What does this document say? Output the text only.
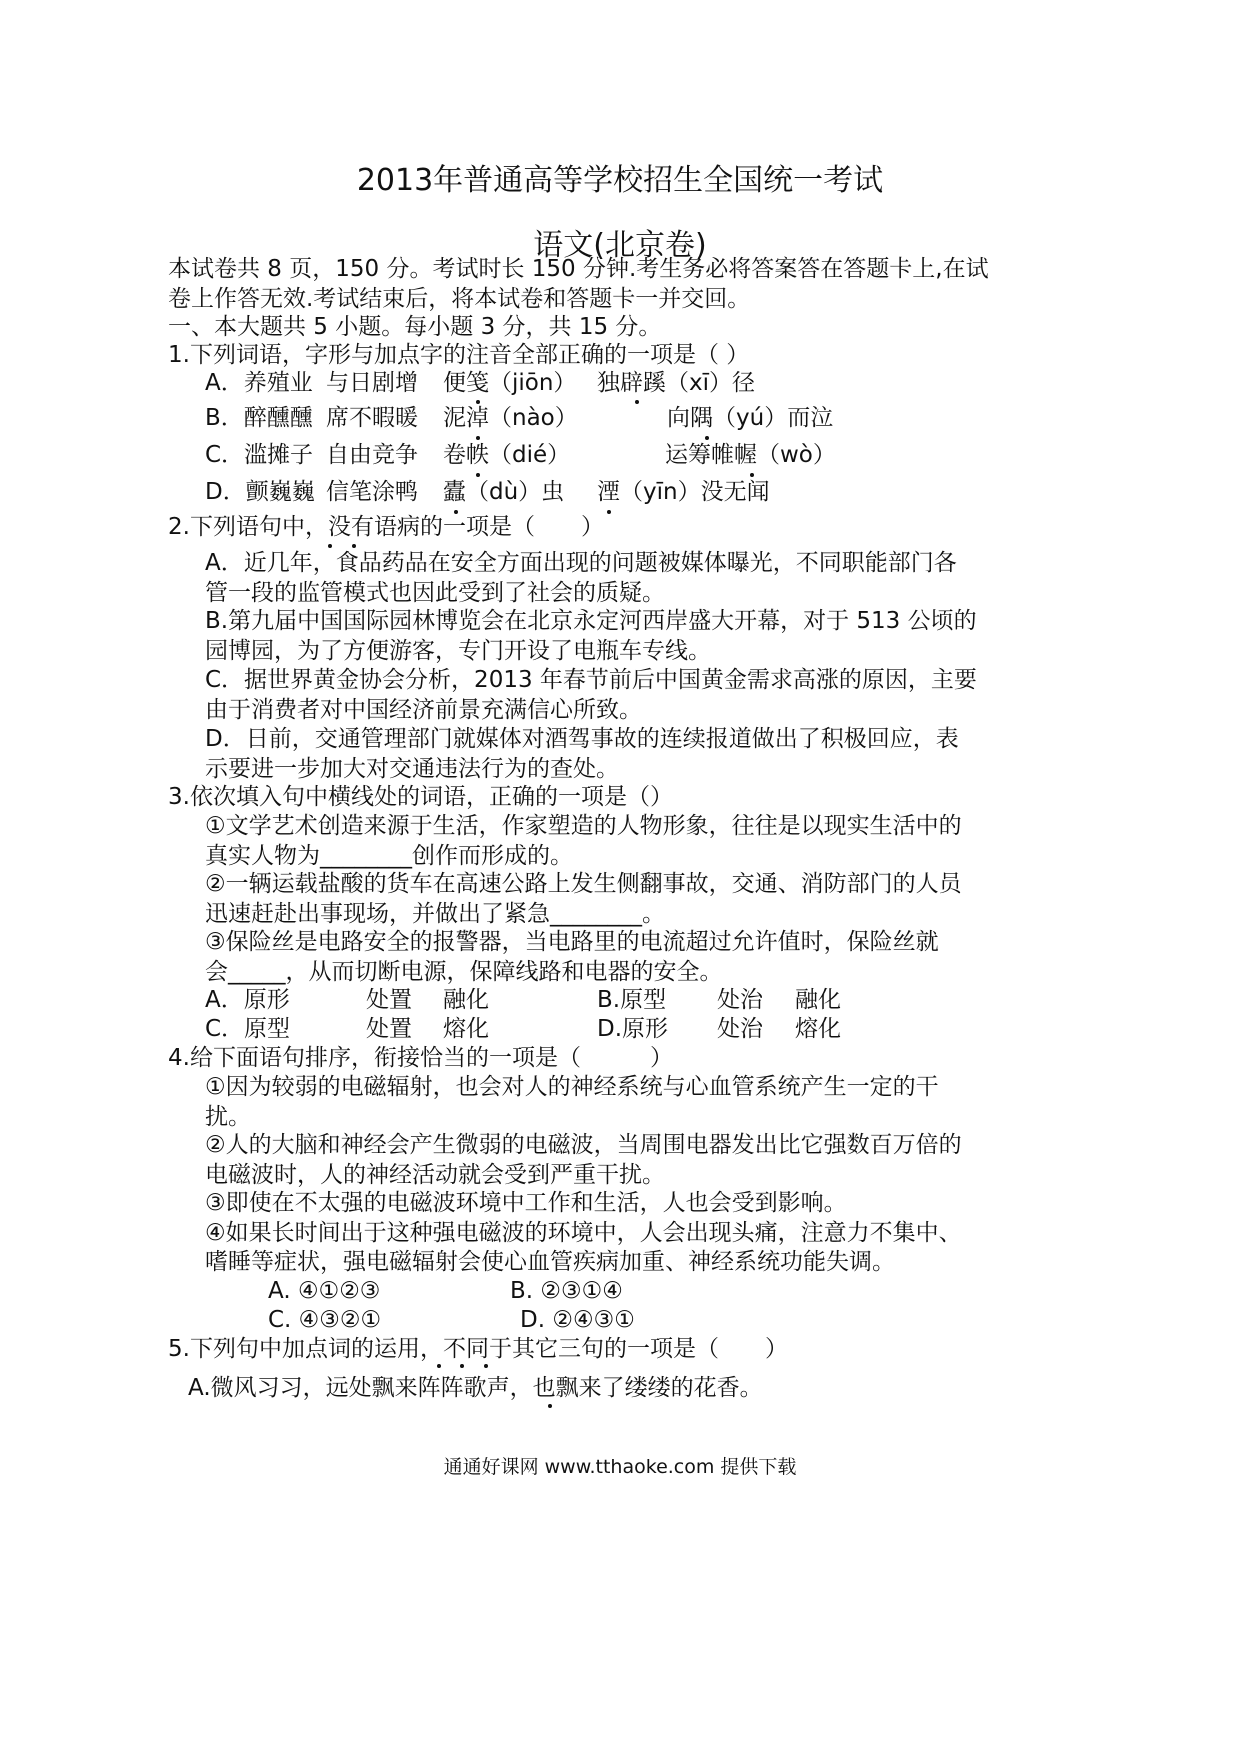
2013年普通高等学校招生全国统一考试
语文(北京卷)
本试卷共 8 页，150 分。考试时长 150 分钟.考生务必将答案答在答题卡上,在试
卷上作答无效.考试结束后，将本试卷和答题卡一并交回。
一、本大题共 5 小题。每小题 3 分，共 15 分。
1.下列词语，字形与加点字的注音全部正确的一项是（ ）
A．养殖业 与日剧增 便笺（jiōn） 独辟蹊（xī）径
B．醉醺醺 席不暇暖 泥淖（nào）	向隅（yú）而泣
C．滥摊子 自由竞争 卷帙（dié）	运筹帷幄（wò）
D．颤巍巍 信笔涂鸭 蠹（dù）虫 湮（yīn）没无闻
2.下列语句中，没有语病的一项是（　　）
A．近几年，食品药品在安全方面出现的问题被媒体曝光，不同职能部门各
管一段的监管模式也因此受到了社会的质疑。
B.第九届中国国际园林博览会在北京永定河西岸盛大开幕，对于 513 公顷的
园博园，为了方便游客，专门开设了电瓶车专线。
C．据世界黄金协会分析，2013 年春节前后中国黄金需求高涨的原因，主要
由于消费者对中国经济前景充满信心所致。
D．日前，交通管理部门就媒体对酒驾事故的连续报道做出了积极回应，表
示要进一步加大对交通违法行为的查处。
3.依次填入句中横线处的词语，正确的一项是（）
①文学艺术创造来源于生活，作家塑造的人物形象，往往是以现实生活中的
真实人物为________创作而形成的。
②一辆运载盐酸的货车在高速公路上发生侧翻事故，交通、消防部门的人员
迅速赶赴出事现场，并做出了紧急________。
③保险丝是电路安全的报警器，当电路里的电流超过允许值时，保险丝就
会_____，从而切断电源，保障线路和电器的安全。
A．原形	处置 融化	B.原型 处治 融化
C．原型	处置 熔化	D.原形 处治 熔化
4.给下面语句排序，衔接恰当的一项是（　　　）
①因为较弱的电磁辐射，也会对人的神经系统与心血管系统产生一定的干
扰。
②人的大脑和神经会产生微弱的电磁波，当周围电器发出比它强数百万倍的
电磁波时，人的神经活动就会受到严重干扰。
③即使在不太强的电磁波环境中工作和生活，人也会受到影响。
④如果长时间出于这种强电磁波的环境中，人会出现头痛，注意力不集中、
嗜睡等症状，强电磁辐射会使心血管疾病加重、神经系统功能失调。
A. ④①②③	B. ②③①④
C. ④③②①	D. ②④③①
5.下列句中加点词的运用，不同于其它三句的一项是（　　）
A.微风习习，远处飘来阵阵歌声，也飘来了缕缕的花香。
通通好课网 www.tthaoke.com 提供下载
